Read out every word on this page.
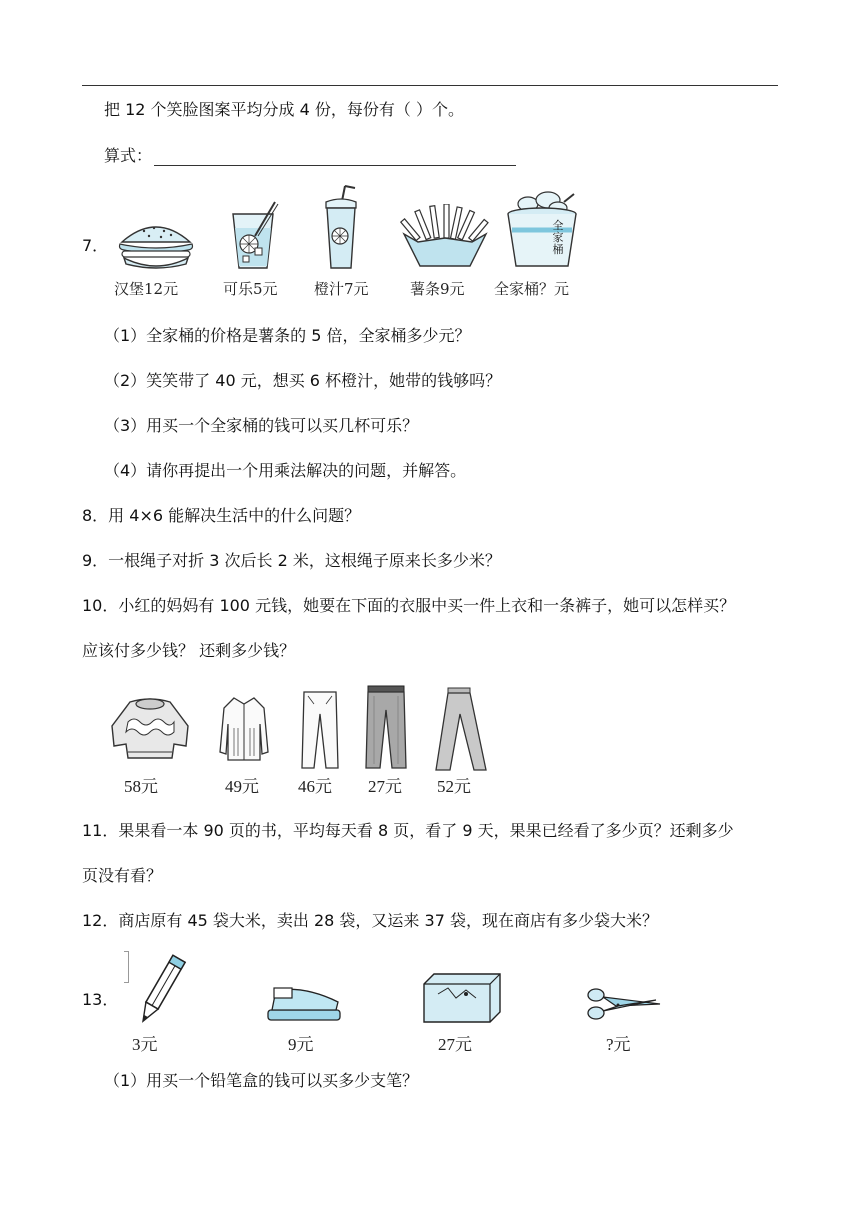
把 12 个笑脸图案平均分成 4 份，每份有（ ）个。
算式：
7．
全家桶
汉堡12元	可乐5元 橙汁7元	薯条9元 全家桶？元
（1）全家桶的价格是薯条的 5 倍，全家桶多少元？
（2）笑笑带了 40 元，想买 6 杯橙汁，她带的钱够吗？
（3）用买一个全家桶的钱可以买几杯可乐？
（4）请你再提出一个用乘法解决的问题，并解答。
8．用 4×6 能解决生活中的什么问题？
9．一根绳子对折 3 次后长 2 米，这根绳子原来长多少米？
10．小红的妈妈有 100 元钱，她要在下面的衣服中买一件上衣和一条裤子，她可以怎样买？
应该付多少钱？ 还剩多少钱？
58元	49元 46元 27元 52元
11．果果看一本 90 页的书，平均每天看 8 页，看了 9 天，果果已经看了多少页？还剩多少
页没有看？
12．商店原有 45 袋大米，卖出 28 袋，又运来 37 袋，现在商店有多少袋大米？
13．
3元	9元	27元	?元
（1）用买一个铅笔盒的钱可以买多少支笔？
